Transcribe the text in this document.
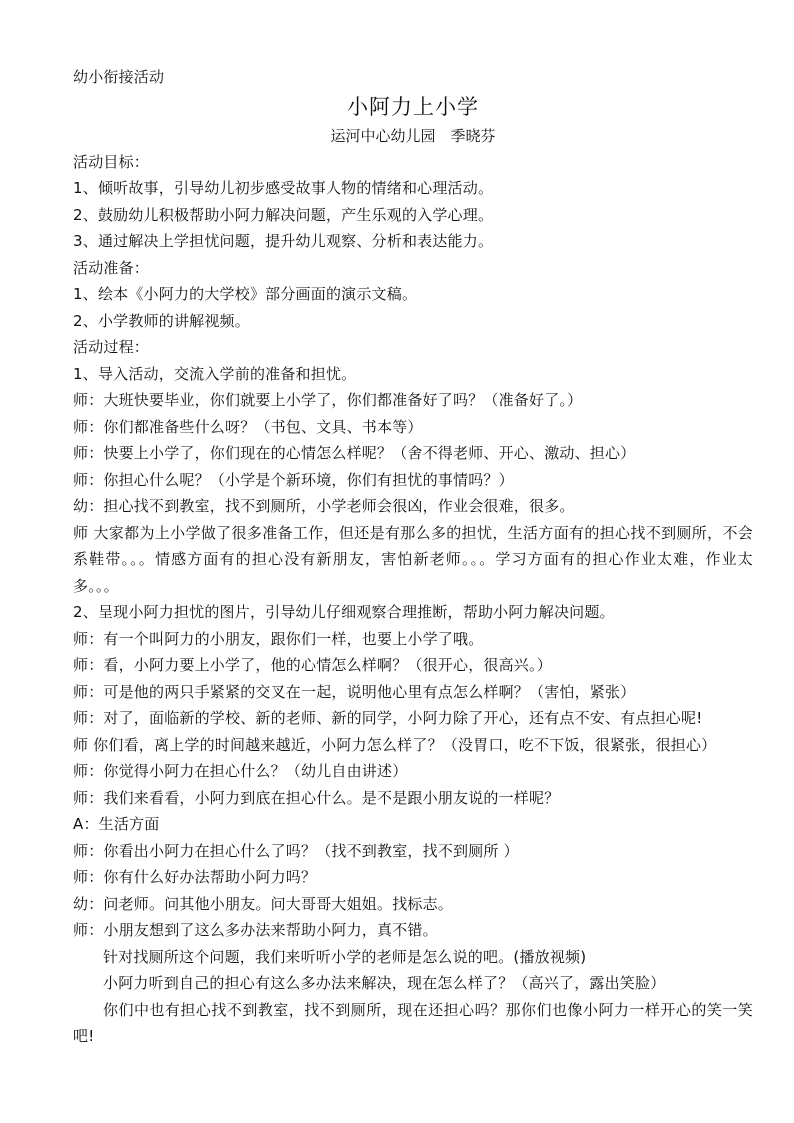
幼小衔接活动
小阿力上小学
运河中心幼儿园　季晓芬
活动目标：
1、倾听故事，引导幼儿初步感受故事人物的情绪和心理活动。
2、鼓励幼儿积极帮助小阿力解决问题，产生乐观的入学心理。
3、通过解决上学担忧问题，提升幼儿观察、分析和表达能力。
活动准备：
1、绘本《小阿力的大学校》部分画面的演示文稿。
2、小学教师的讲解视频。
活动过程：
1、导入活动，交流入学前的准备和担忧。
师：大班快要毕业，你们就要上小学了，你们都准备好了吗？（准备好了。）
师：你们都准备些什么呀？（书包、文具、书本等）
师：快要上小学了，你们现在的心情怎么样呢？（舍不得老师、开心、激动、担心）
师：你担心什么呢？（小学是个新环境，你们有担忧的事情吗？）
幼：担心找不到教室，找不到厕所，小学老师会很凶，作业会很难，很多。
师 大家都为上小学做了很多准备工作，但还是有那么多的担忧，生活方面有的担心找不到厕所，不会系鞋带。。。情感方面有的担心没有新朋友，害怕新老师。。。学习方面有的担心作业太难，作业太多。。。
2、呈现小阿力担忧的图片，引导幼儿仔细观察合理推断，帮助小阿力解决问题。
师：有一个叫阿力的小朋友，跟你们一样，也要上小学了哦。
师：看，小阿力要上小学了，他的心情怎么样啊？（很开心，很高兴。）
师：可是他的两只手紧紧的交叉在一起，说明他心里有点怎么样啊？（害怕，紧张）
师：对了，面临新的学校、新的老师、新的同学，小阿力除了开心，还有点不安、有点担心呢!
师 你们看，离上学的时间越来越近，小阿力怎么样了？（没胃口，吃不下饭，很紧张，很担心）
师：你觉得小阿力在担心什么？（幼儿自由讲述）
师：我们来看看，小阿力到底在担心什么。是不是跟小朋友说的一样呢？
A：生活方面
师：你看出小阿力在担心什么了吗？（找不到教室，找不到厕所 ）
师：你有什么好办法帮助小阿力吗？
幼：问老师。问其他小朋友。问大哥哥大姐姐。找标志。
师：小朋友想到了这么多办法来帮助小阿力，真不错。
针对找厕所这个问题，我们来听听小学的老师是怎么说的吧。(播放视频)
小阿力听到自己的担心有这么多办法来解决，现在怎么样了？（高兴了，露出笑脸）
你们中也有担心找不到教室，找不到厕所，现在还担心吗？那你们也像小阿力一样开心的笑一笑吧!
